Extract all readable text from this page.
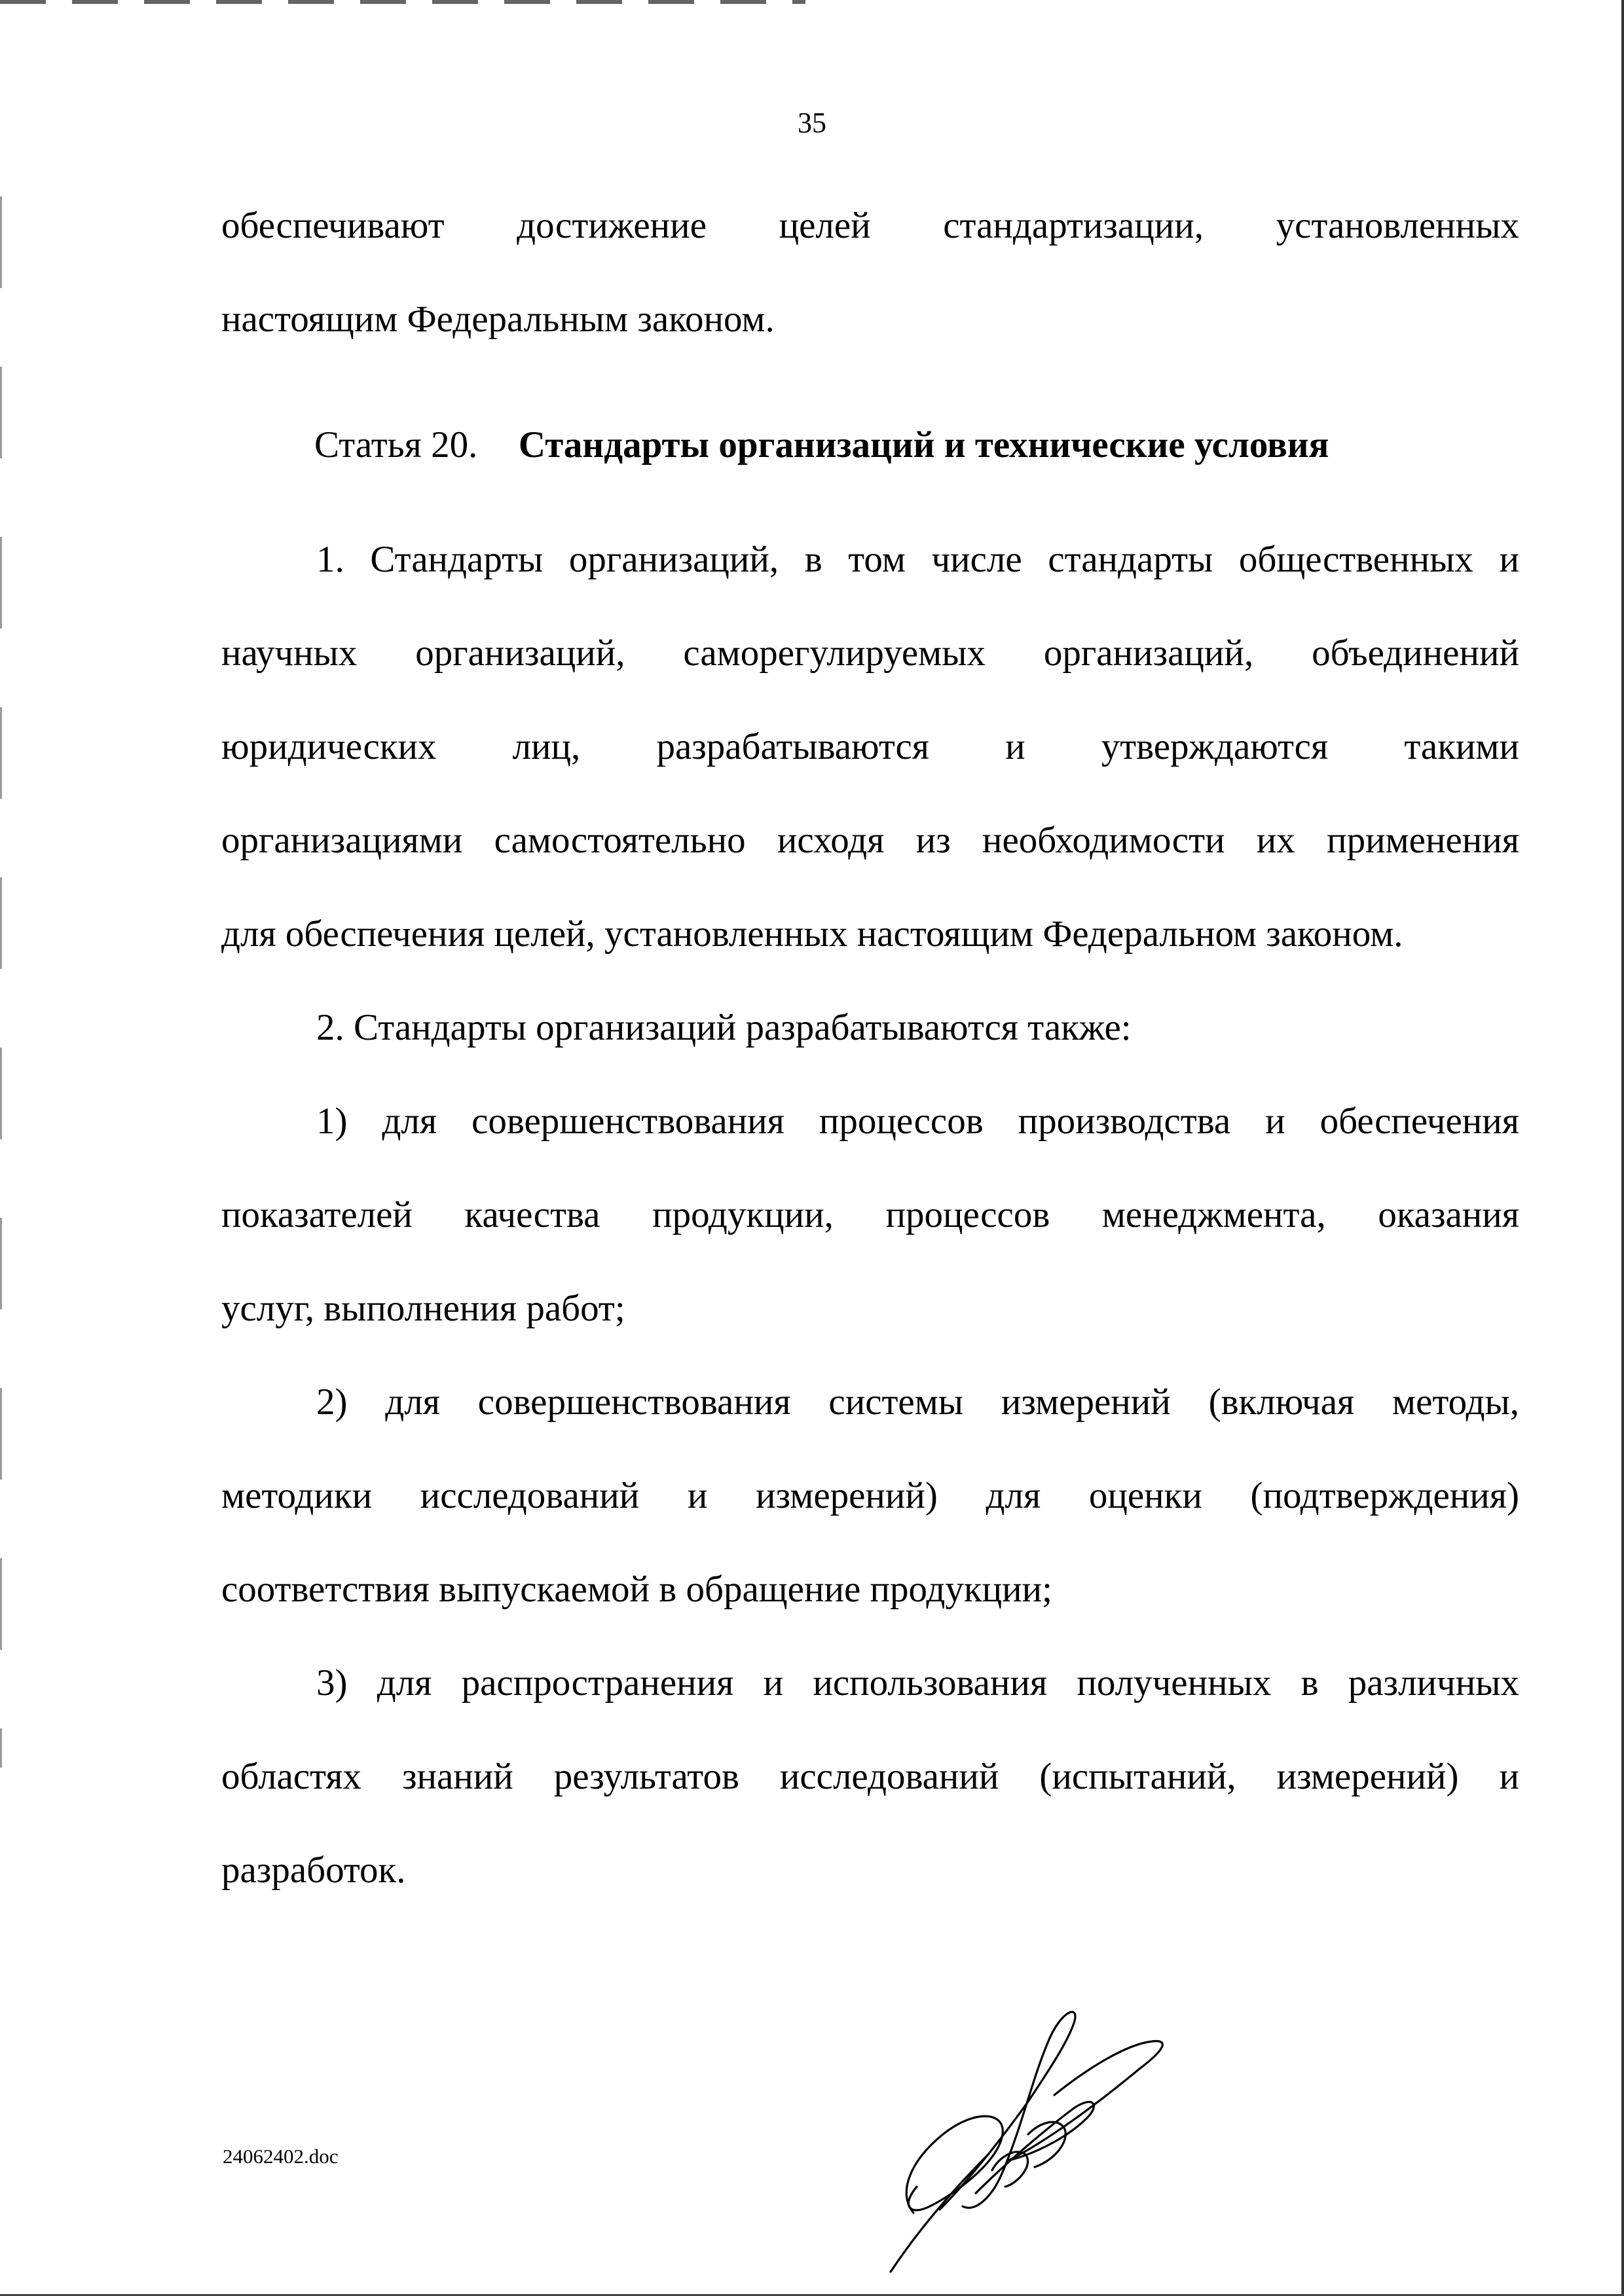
35
обеспечивают достижение целей стандартизации, установленных
настоящим Федеральным законом.
Статья 20. Стандарты организаций и технические условия
1. Стандарты организаций, в том числе стандарты общественных и
научных организаций, саморегулируемых организаций, объединений
юридических лиц, разрабатываются и утверждаются такими
организациями самостоятельно исходя из необходимости их применения
для обеспечения целей, установленных настоящим Федеральном законом.
2. Стандарты организаций разрабатываются также:
1) для совершенствования процессов производства и обеспечения
показателей качества продукции, процессов менеджмента, оказания
услуг, выполнения работ;
2) для совершенствования системы измерений (включая методы,
методики исследований и измерений) для оценки (подтверждения)
соответствия выпускаемой в обращение продукции;
3) для распространения и использования полученных в различных
областях знаний результатов исследований (испытаний, измерений) и
разработок.
24062402.doc
